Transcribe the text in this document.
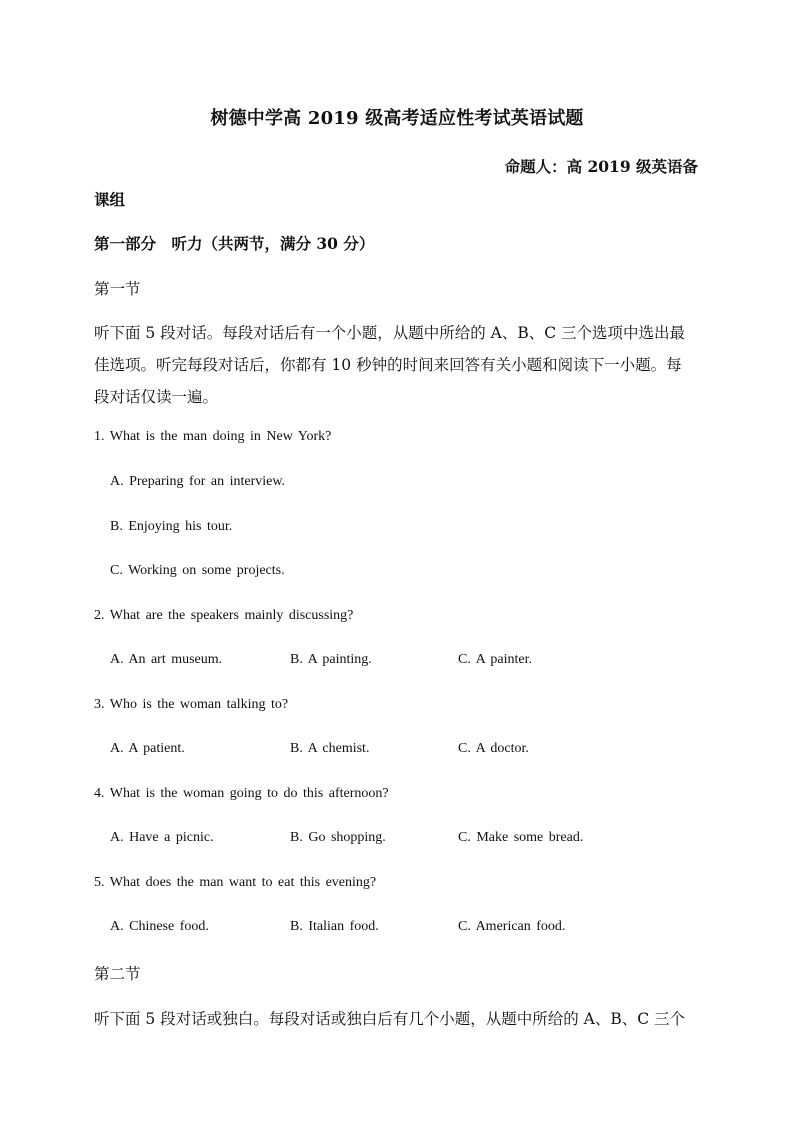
树德中学高 2019 级高考适应性考试英语试题
命题人：高 2019 级英语备
课组
第一部分　听力（共两节，满分 30 分）
第一节
听下面 5 段对话。每段对话后有一个小题，从题中所给的 A、B、C 三个选项中选出最
佳选项。听完每段对话后，你都有 10 秒钟的时间来回答有关小题和阅读下一小题。每
段对话仅读一遍。
1. What is the man doing in New York?
A. Preparing for an interview.
B. Enjoying his tour.
C. Working on some projects.
2. What are the speakers mainly discussing?
A. An art museum.	B. A painting.	C. A painter.
3. Who is the woman talking to?
A. A patient.	B. A chemist.	C. A doctor.
4. What is the woman going to do this afternoon?
A. Have a picnic.	B. Go shopping.	C. Make some bread.
5. What does the man want to eat this evening?
A. Chinese food.	B. Italian food.	C. American food.
第二节
听下面 5 段对话或独白。每段对话或独白后有几个小题，从题中所给的 A、B、C 三个
